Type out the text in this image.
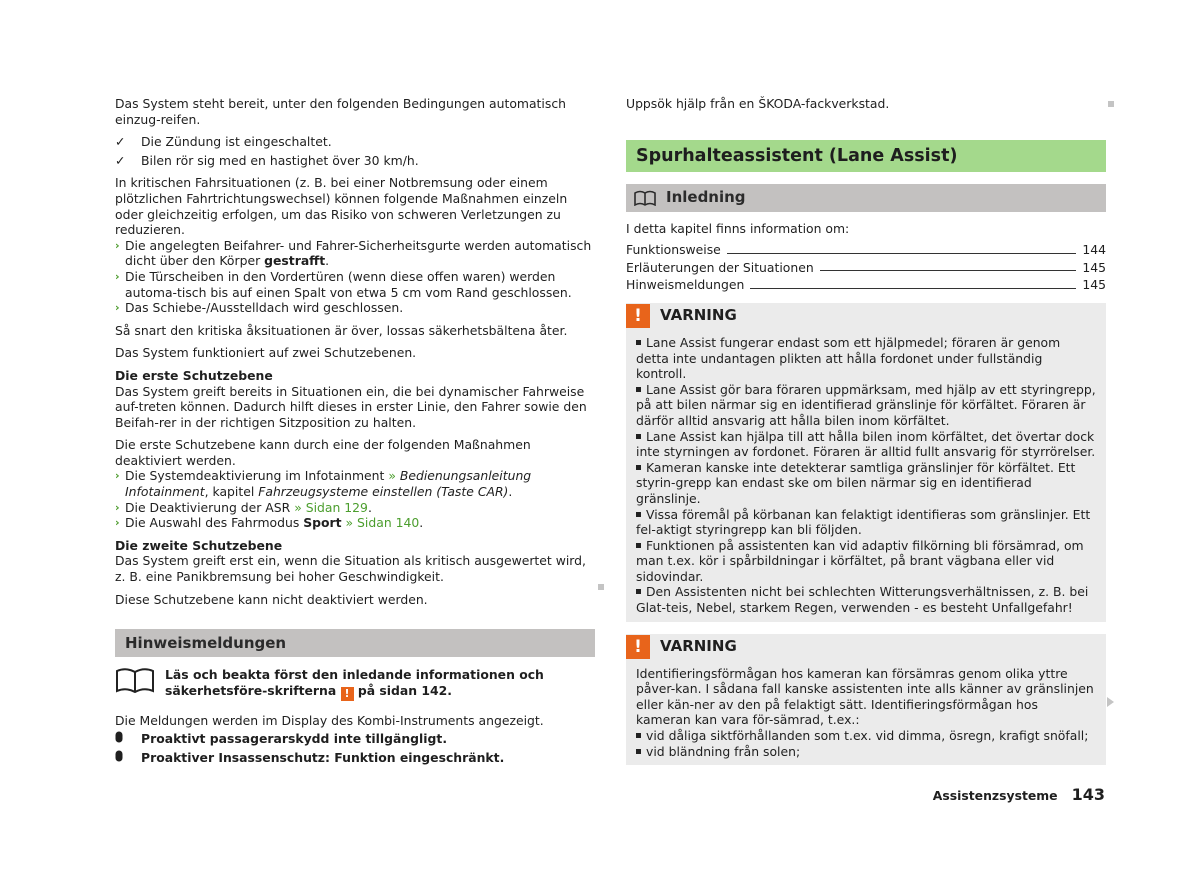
Das System steht bereit, unter den folgenden Bedingungen automatisch einzug-reifen.

✓	Die Zündung ist eingeschaltet.
✓	Bilen rör sig med en hastighet över 30 km/h.

In kritischen Fahrsituationen (z. B. bei einer Notbremsung oder einem plötzlichen Fahrtrichtungswechsel) können folgende Maßnahmen einzeln oder gleichzeitig erfolgen, um das Risiko von schweren Verletzungen zu reduzieren.

› Die angelegten Beifahrer- und Fahrer-Sicherheitsgurte werden automatisch dicht über den Körper gestrafft.
› Die Türscheiben in den Vordertüren (wenn diese offen waren) werden automa-tisch bis auf einen Spalt von etwa 5 cm vom Rand geschlossen.
› Das Schiebe-/Ausstelldach wird geschlossen.

Så snart den kritiska åksituationen är över, lossas säkerhetsbältena åter.

Das System funktioniert auf zwei Schutzebenen.

Die erste Schutzebene

Das System greift bereits in Situationen ein, die bei dynamischer Fahrweise auf-treten können. Dadurch hilft dieses in erster Linie, den Fahrer sowie den Beifah-rer in der richtigen Sitzposition zu halten.

Die erste Schutzebene kann durch eine der folgenden Maßnahmen deaktiviert werden.

› Die Systemdeaktivierung im Infotainment » Bedienungsanleitung Infotainment, kapitel Fahrzeugsysteme einstellen (Taste CAR).
› Die Deaktivierung der ASR » Sidan 129.
› Die Auswahl des Fahrmodus Sport » Sidan 140.

Die zweite Schutzebene

Das System greift erst ein, wenn die Situation als kritisch ausgewertet wird, z. B. eine Panikbremsung bei hoher Geschwindigkeit.

Diese Schutzebene kann nicht deaktiviert werden.

Hinweismeldungen
Läs och beakta först den inledande informationen och säkerhetsföre-skrifterna ! på sidan 142.

Die Meldungen werden im Display des Kombi-Instruments angezeigt.

Proaktivt passagerarskydd inte tillgängligt.
Proaktiver Insassenschutz: Funktion eingeschränkt.

Uppsök hjälp från en ŠKODA-fackverkstad.

Spurhalteassistent (Lane Assist)
Inledning

I detta kapitel finns information om:

Funktionsweise	144
Erläuterungen der Situationen	145
Hinweismeldungen	145
!	VARNING

Lane Assist fungerar endast som ett hjälpmedel; föraren är genom detta inte undantagen plikten att hålla fordonet under fullständig kontroll.

Lane Assist gör bara föraren uppmärksam, med hjälp av ett styringrepp, på att bilen närmar sig en identifierad gränslinje för körfältet. Föraren är därför alltid ansvarig att hålla bilen inom körfältet.

Lane Assist kan hjälpa till att hålla bilen inom körfältet, det övertar dock inte styrningen av fordonet. Föraren är alltid fullt ansvarig för styrrörelser.

Kameran kanske inte detekterar samtliga gränslinjer för körfältet. Ett styrin-grepp kan endast ske om bilen närmar sig en identifierad gränslinje.

Vissa föremål på körbanan kan felaktigt identifieras som gränslinjer. Ett fel-aktigt styringrepp kan bli följden.

Funktionen på assistenten kan vid adaptiv filkörning bli försämrad, om man t.ex. kör i spårbildningar i körfältet, på brant vägbana eller vid sidovindar.

Den Assistenten nicht bei schlechten Witterungsverhältnissen, z. B. bei Glat-teis, Nebel, starkem Regen, verwenden - es besteht Unfallgefahr!

!	VARNING

Identifieringsförmågan hos kameran kan försämras genom olika yttre påver-kan. I sådana fall kanske assistenten inte alls känner av gränslinjen eller kän-ner av den på felaktigt sätt. Identifieringsförmågan hos kameran kan vara för-sämrad, t.ex.:

vid dåliga siktförhållanden som t.ex. vid dimma, ösregn, krafigt snöfall;

vid bländning från solen;

Assistenzsysteme 143
